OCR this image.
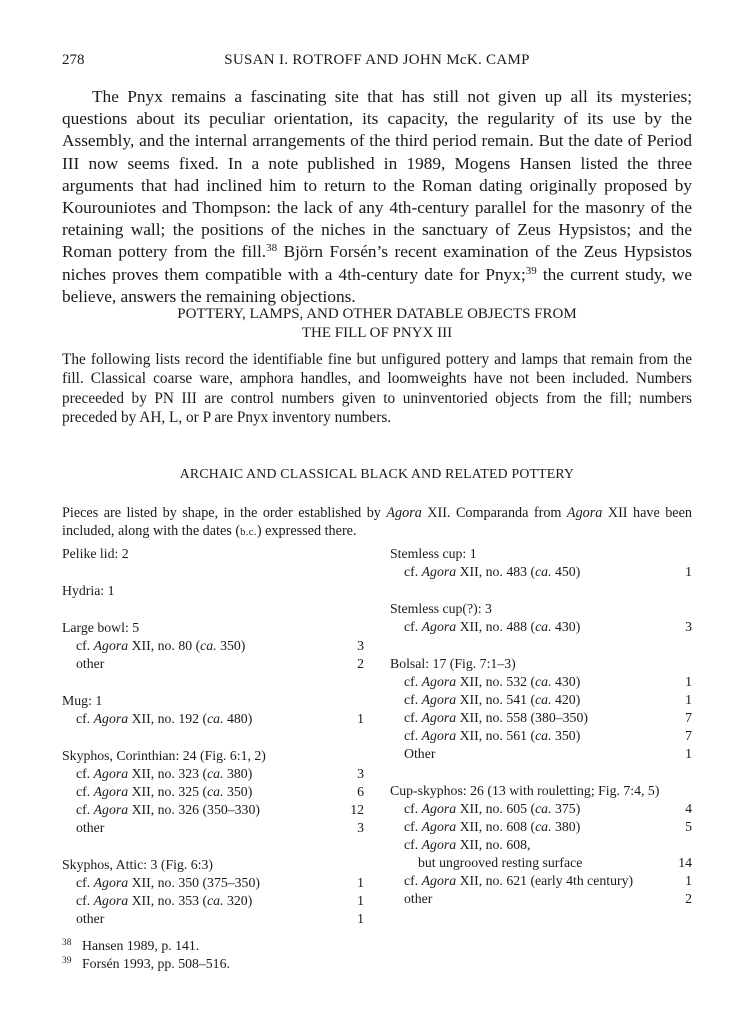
278	SUSAN I. ROTROFF AND JOHN McK. CAMP

The Pnyx remains a fascinating site that has still not given up all its mysteries; questions about its peculiar orientation, its capacity, the regularity of its use by the Assembly, and the internal arrangements of the third period remain. But the date of Period III now seems fixed. In a note published in 1989, Mogens Hansen listed the three arguments that had inclined him to return to the Roman dating originally proposed by Kourouniotes and Thompson: the lack of any 4th-century parallel for the masonry of the retaining wall; the positions of the niches in the sanctuary of Zeus Hypsistos; and the Roman pottery from the fill.$^{38}$ Björn Forsén’s recent examination of the Zeus Hypsistos niches proves them compatible with a 4th-century date for Pnyx;$^{39}$ the current study, we believe, answers the remaining objections.

POTTERY, LAMPS, AND OTHER DATABLE OBJECTS FROM
THE FILL OF PNYX III

The following lists record the identifiable fine but unfigured pottery and lamps that remain from the fill. Classical coarse ware, amphora handles, and loomweights have not been included. Numbers preceeded by PN III are control numbers given to uninventoried objects from the fill; numbers preceded by AH, L, or P are Pnyx inventory numbers.

ARCHAIC AND CLASSICAL BLACK AND RELATED POTTERY

Pieces are listed by shape, in the order established by Agora XII. Comparanda from Agora XII have been included, along with the dates (b.c.) expressed there.

Pelike lid: 2
Hydria: 1
Large bowl: 5
cf. Agora XII, no. 80 (ca. 350)	3
other	2
Mug: 1
cf. Agora XII, no. 192 (ca. 480)	1
Skyphos, Corinthian: 24 (Fig. 6:1, 2)
cf. Agora XII, no. 323 (ca. 380)	3
cf. Agora XII, no. 325 (ca. 350)	6
cf. Agora XII, no. 326 (350–330)	12
other	3
Skyphos, Attic: 3 (Fig. 6:3)
cf. Agora XII, no. 350 (375–350)	1
cf. Agora XII, no. 353 (ca. 320)	1
other	1
Stemless cup: 1
cf. Agora XII, no. 483 (ca. 450)	1
Stemless cup(?): 3
cf. Agora XII, no. 488 (ca. 430)	3
Bolsal: 17 (Fig. 7:1–3)
cf. Agora XII, no. 532 (ca. 430)	1
cf. Agora XII, no. 541 (ca. 420)	1
cf. Agora XII, no. 558 (380–350)	7
cf. Agora XII, no. 561 (ca. 350)	7
Other	1
Cup-skyphos: 26 (13 with rouletting; Fig. 7:4, 5)
cf. Agora XII, no. 605 (ca. 375)	4
cf. Agora XII, no. 608 (ca. 380)	5
cf. Agora XII, no. 608,
but ungrooved resting surface	14
cf. Agora XII, no. 621 (early 4th century)	1
other	2
38 Hansen 1989, p. 141.
39 Forsén 1993, pp. 508–516.
